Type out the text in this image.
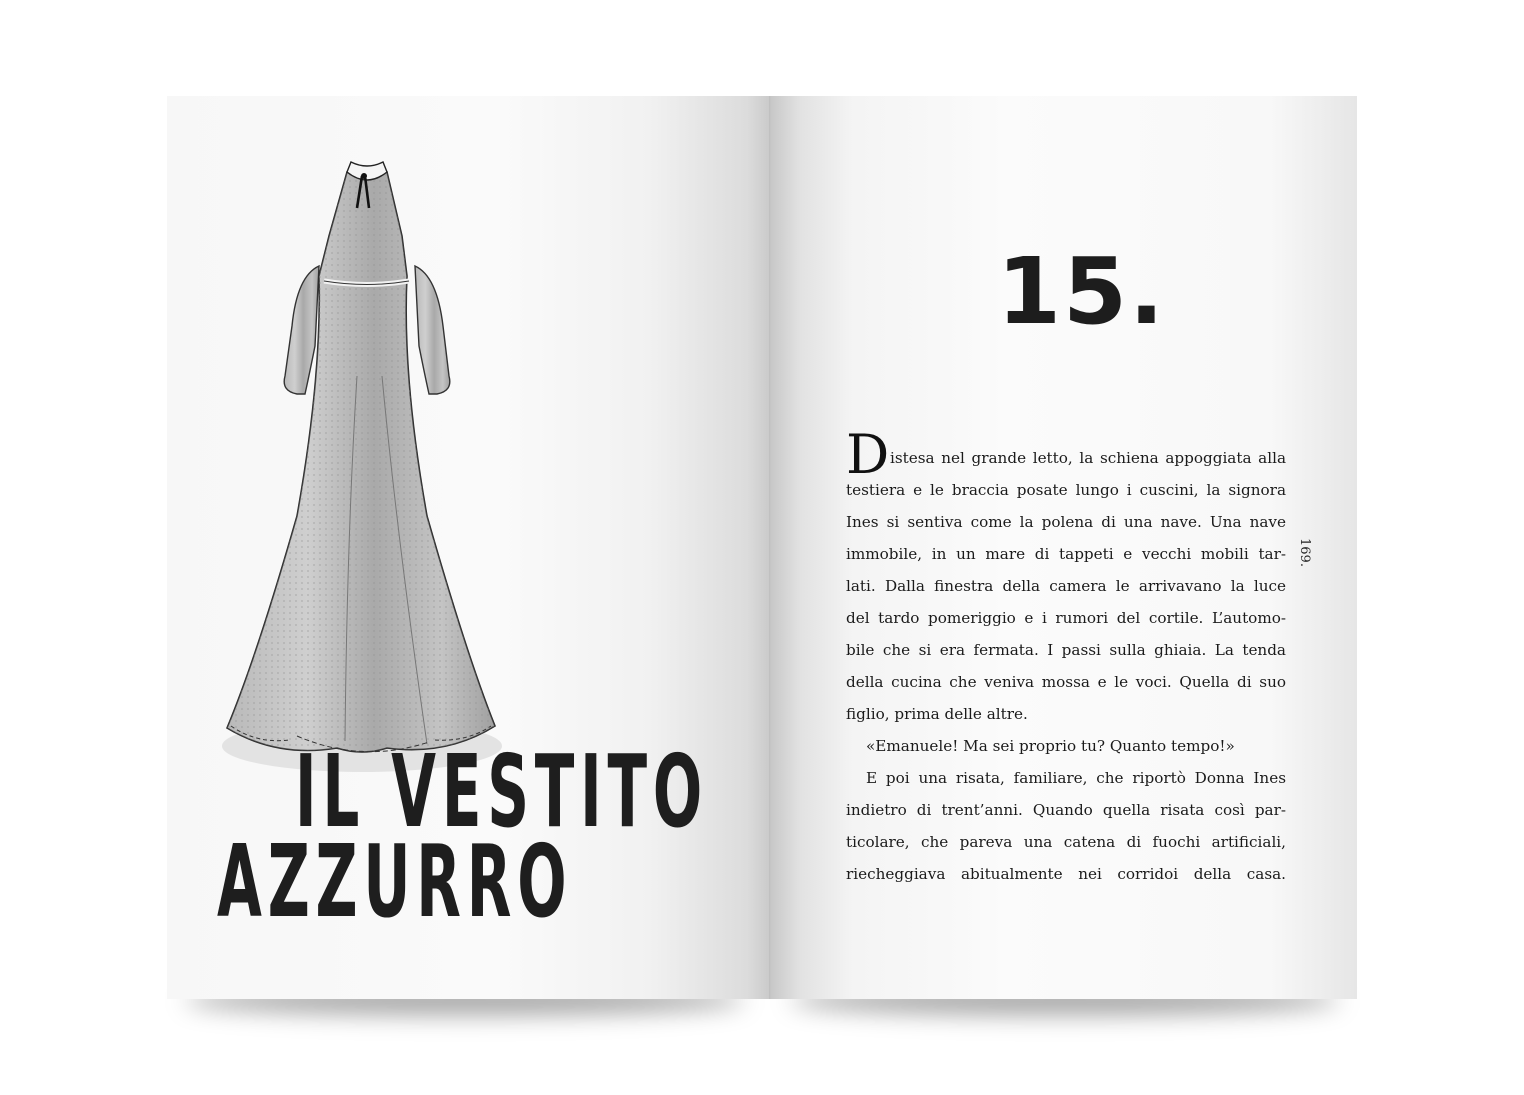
IL VESTITO
AZZURRO
15.
D istesa nel grande letto, la schiena appoggiata alla
testiera e le braccia posate lungo i cuscini, la signora
Ines si sentiva come la polena di una nave. Una nave
immobile, in un mare di tappeti e vecchi mobili tar-
lati. Dalla finestra della camera le arrivavano la luce
del tardo pomeriggio e i rumori del cortile. L’automo-
bile che si era fermata. I passi sulla ghiaia. La tenda
della cucina che veniva mossa e le voci. Quella di suo
figlio, prima delle altre.
«Emanuele! Ma sei proprio tu? Quanto tempo!»
E poi una risata, familiare, che riportò Donna Ines
indietro di trent’anni. Quando quella risata così par-
ticolare, che pareva una catena di fuochi artificiali,
riecheggiava abitualmente nei corridoi della casa.
169.
